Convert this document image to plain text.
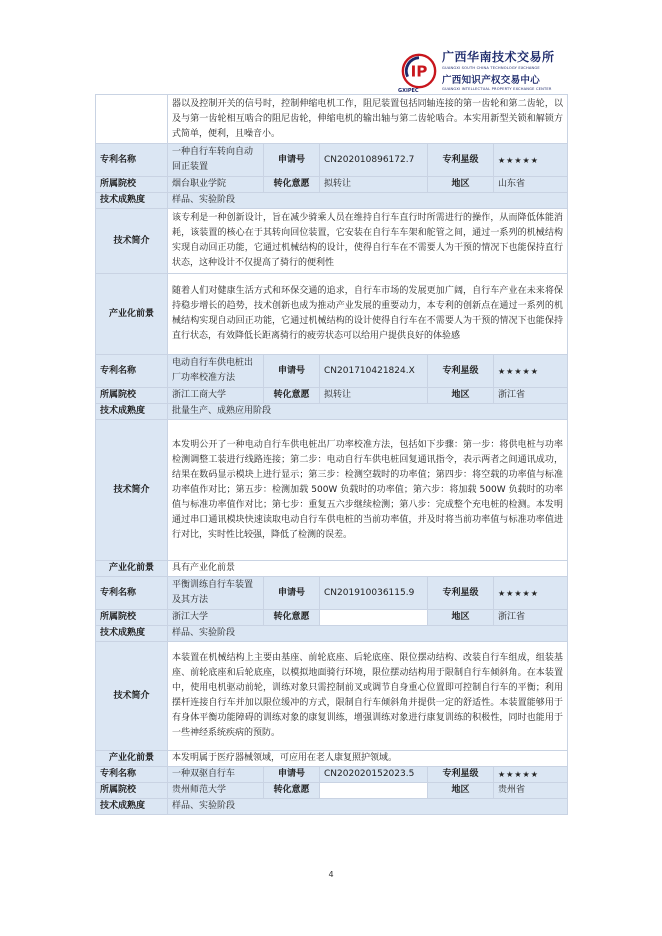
IP
GXIPEC
广西华南技术交易所
GUANGXI SOUTH CHINA TECHNOLOGY EXCHANGE
广西知识产权交易中心
GUANGXI INTELLECTUAL PROPERTY EXCHANGE CENTER
	器以及控制开关的信号时，控制伸缩电机工作，阻尼装置包括同轴连接的第一齿轮和第二齿轮，以及与第一齿轮相互啮合的阻尼齿轮，伸缩电机的输出轴与第二齿轮啮合。本实用新型关锁和解锁方式简单，便利，且噪音小。				
专利名称	一种自行车转向自动回正装置	申请号	CN202010896172.7	专利星级	★★★★★
所属院校	烟台职业学院	转化意愿	拟转让	地区	山东省
技术成熟度	样品、实验阶段				
技术简介	该专利是一种创新设计，旨在减少骑乘人员在维持自行车直行时所需进行的操作，从而降低体能消耗，该装置的核心在于其转向回位装置，它安装在自行车车架和舵管之间，通过一系列的机械结构实现自动回正功能，它通过机械结构的设计，使得自行车在不需要人为干预的情况下也能保持直行状态，这种设计不仅提高了骑行的便利性				
产业化前景	随着人们对健康生活方式和环保交通的追求，自行车市场的发展更加广阔，自行车产业在未来将保持稳步增长的趋势，技术创新也成为推动产业发展的重要动力，本专利的创新点在通过一系列的机械结构实现自动回正功能，它通过机械结构的设计使得自行车在不需要人为干预的情况下也能保持直行状态，有效降低长距离骑行的疲劳状态可以给用户提供良好的体验感				
专利名称	电动自行车供电桩出厂功率校准方法	申请号	CN201710421824.X	专利星级	★★★★★
所属院校	浙江工商大学	转化意愿	拟转让	地区	浙江省
技术成熟度	批量生产、成熟应用阶段				
技术简介	本发明公开了一种电动自行车供电桩出厂功率校准方法，包括如下步骤：第一步：将供电桩与功率检测调整工装进行线路连接；第二步：电动自行车供电桩回复通讯指令，表示两者之间通讯成功，结果在数码显示模块上进行显示；第三步：检测空载时的功率值；第四步：将空载的功率值与标准功率值作对比；第五步：检测加载 500W 负载时的功率值；第六步：将加载 500W 负载时的功率值与标准功率值作对比；第七步：重复五六步继续检测；第八步：完成整个充电桩的检测。本发明通过串口通讯模块快速读取电动自行车供电桩的当前功率值，并及时将当前功率值与标准功率值进行对比，实时性比较强，降低了检测的误差。				
产业化前景	具有产业化前景				
专利名称	平衡训练自行车装置及其方法	申请号	CN201910036115.9	专利星级	★★★★★
所属院校	浙江大学	转化意愿		地区	浙江省
技术成熟度	样品、实验阶段				
技术简介	本装置在机械结构上主要由基座、前轮底座、后轮底座、限位摆动结构、改装自行车组成，组装基座、前轮底座和后轮底座，以模拟地面骑行环境，限位摆动结构用于限制自行车倾斜角。在本装置中，使用电机驱动前轮，训练对象只需控制前叉或调节自身重心位置即可控制自行车的平衡；利用摆杆连接自行车并加以限位缓冲的方式，限制自行车倾斜角并提供一定的舒适性。本装置能够用于有身体平衡功能障碍的训练对象的康复训练，增强训练对象进行康复训练的积极性，同时也能用于一些神经系统疾病的预防。				
产业化前景	本发明属于医疗器械领域，可应用在老人康复照护领域。				
专利名称	一种双驱自行车	申请号	CN202020152023.5	专利星级	★★★★★
所属院校	贵州师范大学	转化意愿		地区	贵州省
技术成熟度	样品、实验阶段				
4
